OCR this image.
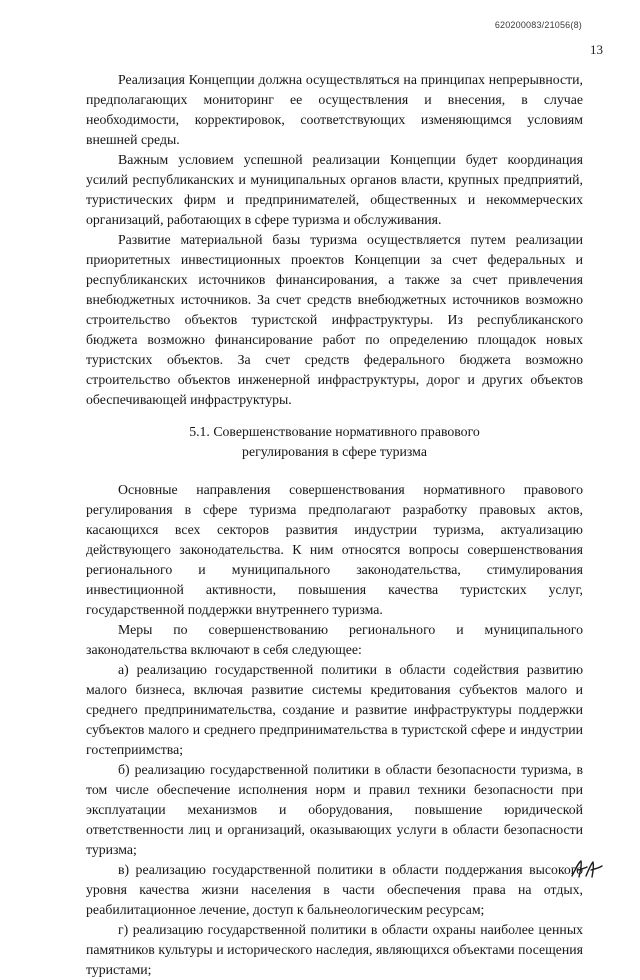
620200083/21056(8)
13

Реализация Концепции должна осуществляться на принципах непрерывности, предполагающих мониторинг ее осуществления и внесения, в случае необходимости, корректировок, соответствующих изменяющимся условиям внешней среды.

Важным условием успешной реализации Концепции будет координация усилий республиканских и муниципальных органов власти, крупных предприятий, туристических фирм и предпринимателей, общественных и некоммерческих организаций, работающих в сфере туризма и обслуживания.

Развитие материальной базы туризма осуществляется путем реализации приоритетных инвестиционных проектов Концепции за счет федеральных и республиканских источников финансирования, а также за счет привлечения внебюджетных источников. За счет средств внебюджетных источников возможно строительство объектов туристской инфраструктуры. Из республиканского бюджета возможно финансирование работ по определению площадок новых туристских объектов. За счет средств федерального бюджета возможно строительство объектов инженерной инфраструктуры, дорог и других объектов обеспечивающей инфраструктуры.

5.1. Совершенствование нормативного правового
регулирования в сфере туризма

Основные направления совершенствования нормативного правового регулирования в сфере туризма предполагают разработку правовых актов, касающихся всех секторов развития индустрии туризма, актуализацию действующего законодательства. К ним относятся вопросы совершенствования регионального и муниципального законодательства, стимулирования инвестиционной активности, повышения качества туристских услуг, государственной поддержки внутреннего туризма.

Меры по совершенствованию регионального и муниципального законодательства включают в себя следующее:

а) реализацию государственной политики в области содействия развитию малого бизнеса, включая развитие системы кредитования субъектов малого и среднего предпринимательства, создание и развитие инфраструктуры поддержки субъектов малого и среднего предпринимательства в туристской сфере и индустрии гостеприимства;

б) реализацию государственной политики в области безопасности туризма, в том числе обеспечение исполнения норм и правил техники безопасности при эксплуатации механизмов и оборудования, повышение юридической ответственности лиц и организаций, оказывающих услуги в области безопасности туризма;

в) реализацию государственной политики в области поддержания высокого уровня качества жизни населения в части обеспечения права на отдых, реабилитационное лечение, доступ к бальнеологическим ресурсам;

г) реализацию государственной политики в области охраны наиболее ценных памятников культуры и исторического наследия, являющихся объектами посещения туристами;
